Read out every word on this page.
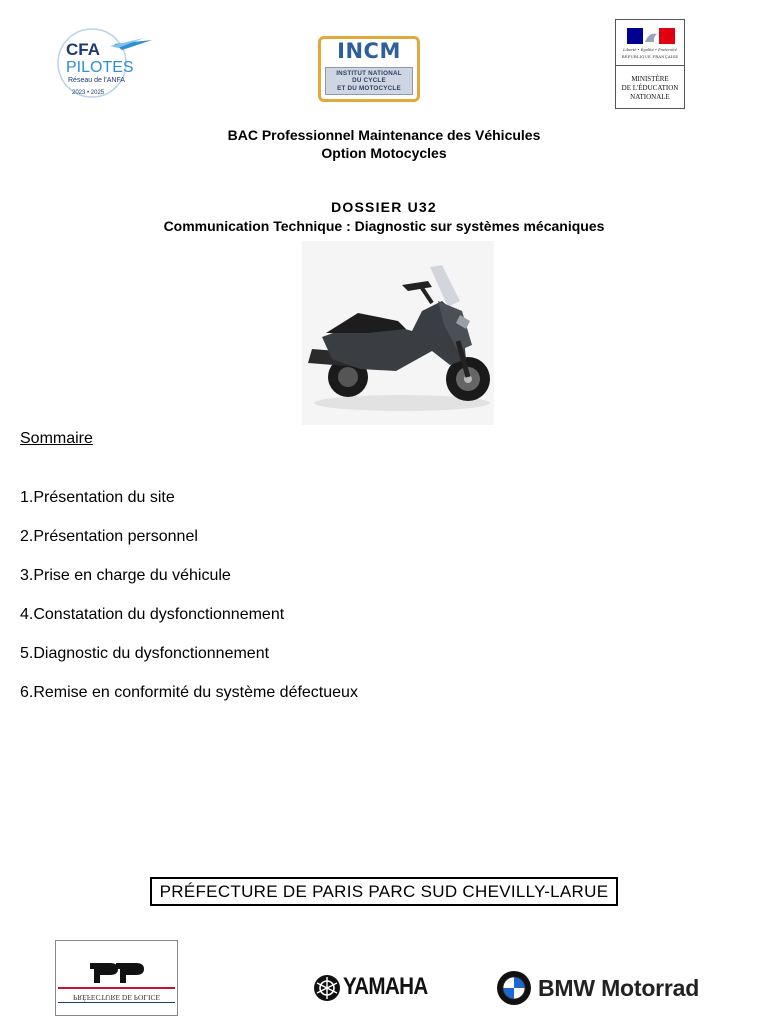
CFA
PILOTES
Réseau de l'ANFA
2023 • 2025
INCM
INSTITUT NATIONAL
DU CYCLE
ET DU MOTOCYCLE
Liberté • Égalité • Fraternité
RÉPUBLIQUE FRANÇAISE
MINISTÈRE
DE L'ÉDUCATION
NATIONALE
BAC Professionnel Maintenance des Véhicules
Option Motocycles
DOSSIER U32
Communication Technique : Diagnostic sur systèmes mécaniques
Sommaire
1.Présentation du site
2.Présentation personnel
3.Prise en charge du véhicule
4.Constatation du dysfonctionnement
5.Diagnostic du dysfonctionnement
6.Remise en conformité du système défectueux
PRÉFECTURE DE PARIS PARC SUD CHEVILLY-LARUE
PRÉFECTURE DE POLICE	YAMAHA	BMW Motorrad
